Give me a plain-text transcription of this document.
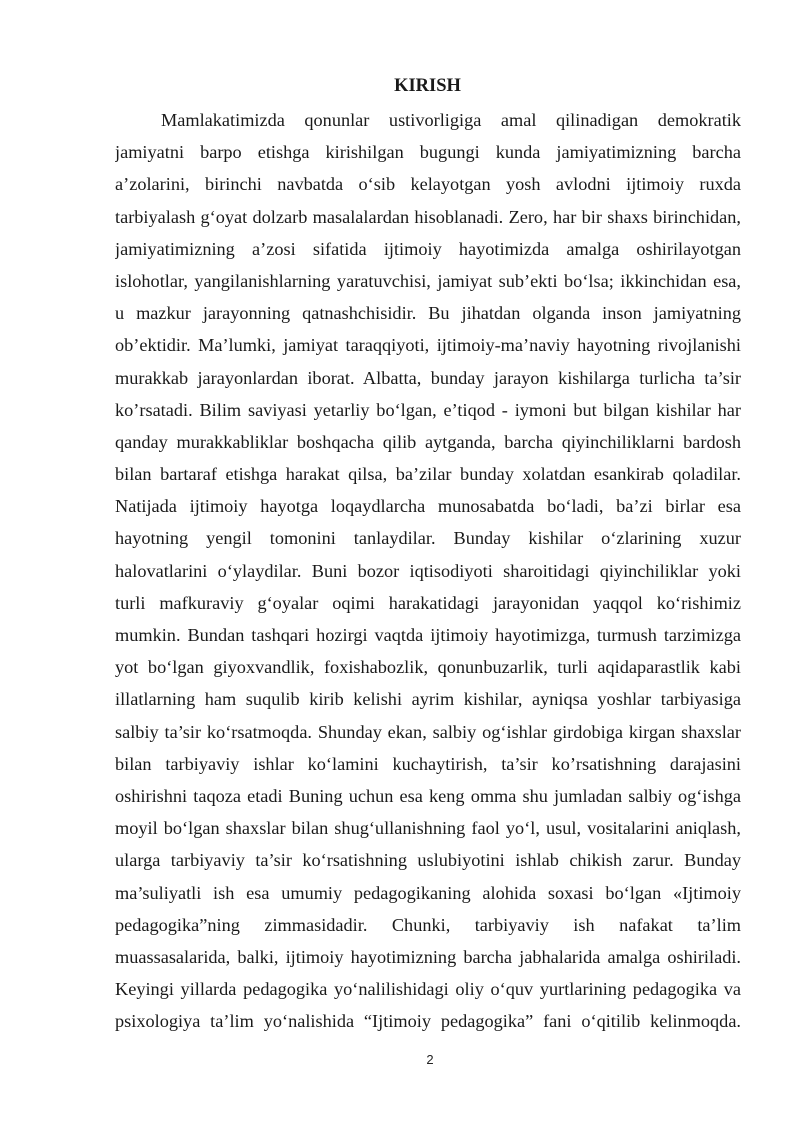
KIRISH
Mamlakatimizda qonunlar ustivorligiga amal qilinadigan demokratik
jamiyatni barpo etishga kirishilgan bugungi kunda jamiyatimizning barcha
a’zolarini, birinchi navbatda o‘sib kelayotgan yosh avlodni ijtimoiy ruxda
tarbiyalash g‘oyat dolzarb masalalardan hisoblanadi. Zero, har bir shaxs birinchidan,
jamiyatimizning a’zosi sifatida ijtimoiy hayotimizda amalga oshirilayotgan
islohotlar, yangilanishlarning yaratuvchisi, jamiyat sub’ekti bo‘lsa; ikkinchidan esa,
u mazkur jarayonning qatnashchisidir. Bu jihatdan olganda inson jamiyatning
ob’ektidir. Ma’lumki, jamiyat taraqqiyoti, ijtimoiy-ma’naviy hayotning rivojlanishi
murakkab jarayonlardan iborat. Albatta, bunday jarayon kishilarga turlicha ta’sir
ko’rsatadi. Bilim saviyasi yetarliy bo‘lgan, e’tiqod - iymoni but bilgan kishilar har
qanday murakkabliklar boshqacha qilib aytganda, barcha qiyinchiliklarni bardosh
bilan bartaraf etishga harakat qilsa, ba’zilar bunday xolatdan esankirab qoladilar.
Natijada ijtimoiy hayotga loqaydlarcha munosabatda bo‘ladi, ba’zi birlar esa
hayotning yengil tomonini tanlaydilar. Bunday kishilar o‘zlarining xuzur
halovatlarini o‘ylaydilar. Buni bozor iqtisodiyoti sharoitidagi qiyinchiliklar yoki
turli mafkuraviy g‘oyalar oqimi harakatidagi jarayonidan yaqqol ko‘rishimiz
mumkin. Bundan tashqari hozirgi vaqtda ijtimoiy hayotimizga, turmush tarzimizga
yot bo‘lgan giyoxvandlik, foxishabozlik, qonunbuzarlik, turli aqidaparastlik kabi
illatlarning ham suqulib kirib kelishi ayrim kishilar, ayniqsa yoshlar tarbiyasiga
salbiy ta’sir ko‘rsatmoqda. Shunday ekan, salbiy og‘ishlar girdobiga kirgan shaxslar
bilan tarbiyaviy ishlar ko‘lamini kuchaytirish, ta’sir ko’rsatishning darajasini
oshirishni taqoza etadi Buning uchun esa keng omma shu jumladan salbiy og‘ishga
moyil bo‘lgan shaxslar bilan shug‘ullanishning faol yo‘l, usul, vositalarini aniqlash,
ularga tarbiyaviy ta’sir ko‘rsatishning uslubiyotini ishlab chikish zarur. Bunday
ma’suliyatli ish esa umumiy pedagogikaning alohida soxasi bo‘lgan «Ijtimoiy
pedagogika”ning zimmasidadir. Chunki, tarbiyaviy ish nafakat ta’lim
muassasalarida, balki, ijtimoiy hayotimizning barcha jabhalarida amalga oshiriladi.
Keyingi yillarda pedagogika yo‘nalilishidagi oliy o‘quv yurtlarining pedagogika va
psixologiya ta’lim yo‘nalishida “Ijtimoiy pedagogika” fani o‘qitilib kelinmoqda.
2
